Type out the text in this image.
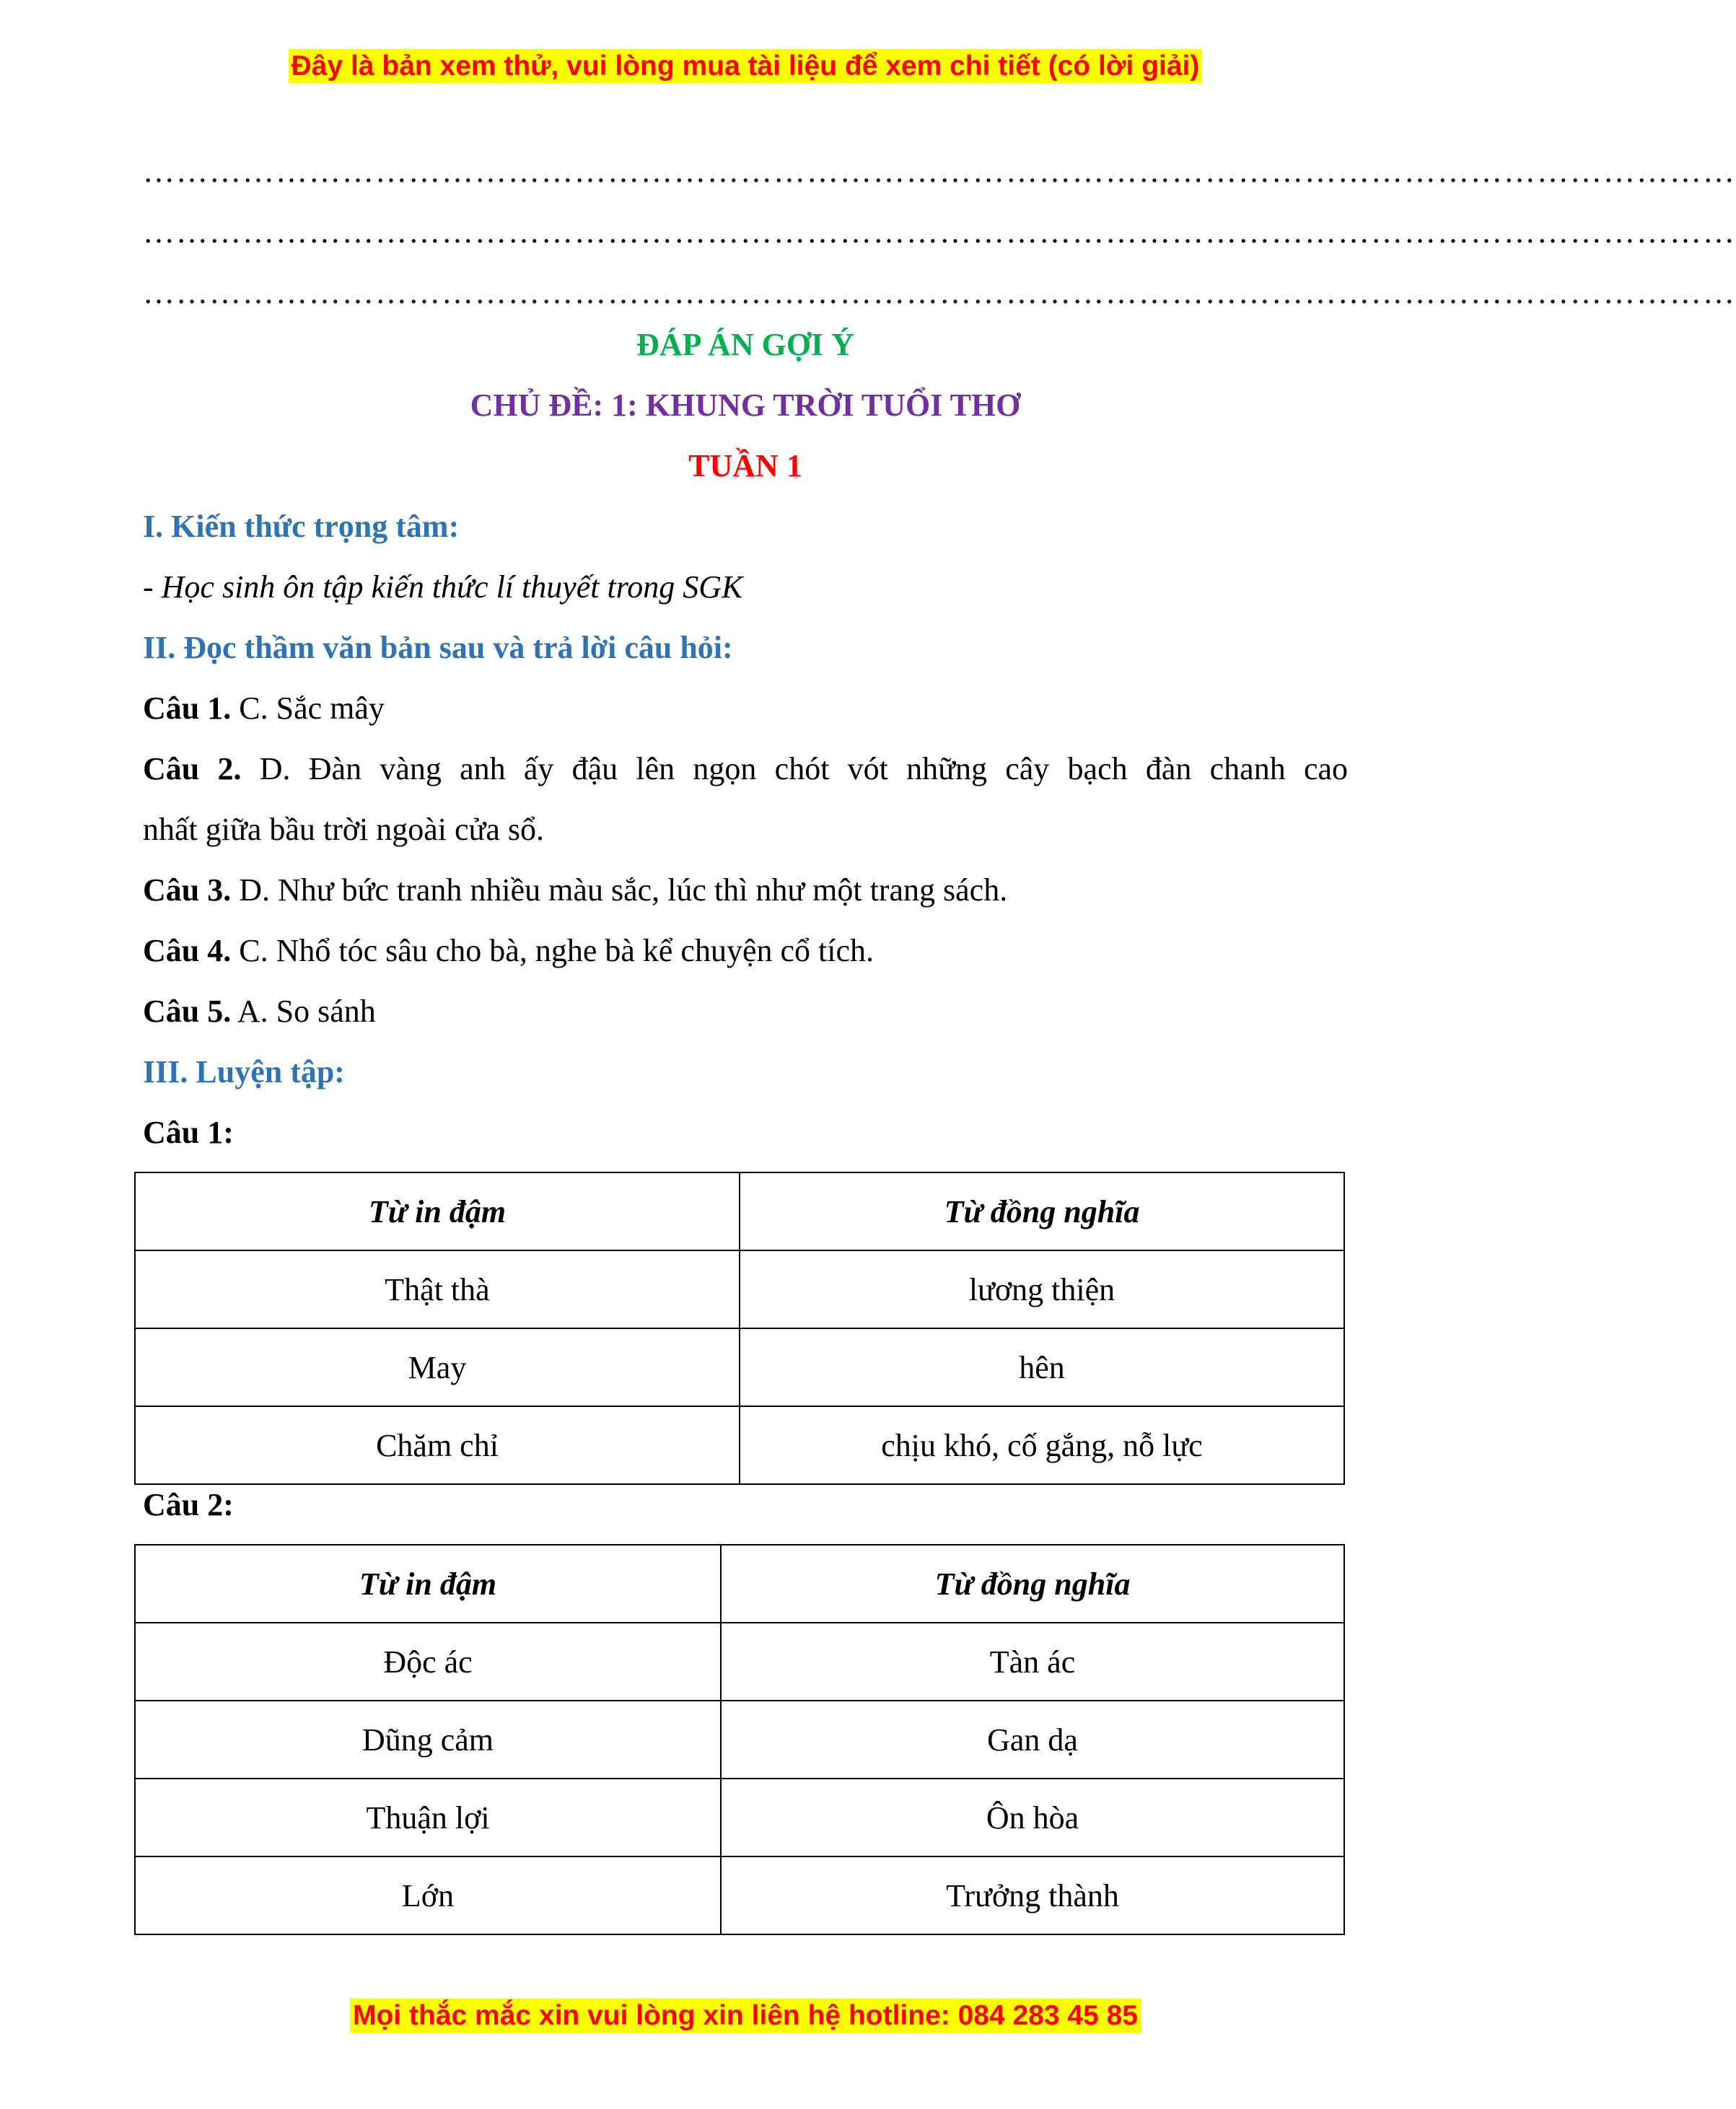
Đây là bản xem thử, vui lòng mua tài liệu để xem chi tiết (có lời giải)
………………………………………………………………………………………………………………………………
………………………………………………………………………………………………………………………………
………………………………………………………………………………………………………………………………
ĐÁP ÁN GỢI Ý
CHỦ ĐỀ: 1: KHUNG TRỜI TUỔI THƠ
TUẦN 1
I. Kiến thức trọng tâm:
- Học sinh ôn tập kiến thức lí thuyết trong SGK
II. Đọc thầm văn bản sau và trả lời câu hỏi:
Câu 1. C. Sắc mây
Câu 2. D. Đàn vàng anh ấy đậu lên ngọn chót vót những cây bạch đàn chanh cao
nhất giữa bầu trời ngoài cửa sổ.
Câu 3. D. Như bức tranh nhiều màu sắc, lúc thì như một trang sách.
Câu 4. C. Nhổ tóc sâu cho bà, nghe bà kể chuyện cổ tích.
Câu 5. A. So sánh
III. Luyện tập:
Câu 1:
Từ in đậm	Từ đồng nghĩa
Thật thà	lương thiện
May	hên
Chăm chỉ	chịu khó, cố gắng, nỗ lực
Câu 2:
Từ in đậm	Từ đồng nghĩa
Độc ác	Tàn ác
Dũng cảm	Gan dạ
Thuận lợi	Ôn hòa
Lớn	Trưởng thành
Mọi thắc mắc xin vui lòng xin liên hệ hotline: 084 283 45 85
